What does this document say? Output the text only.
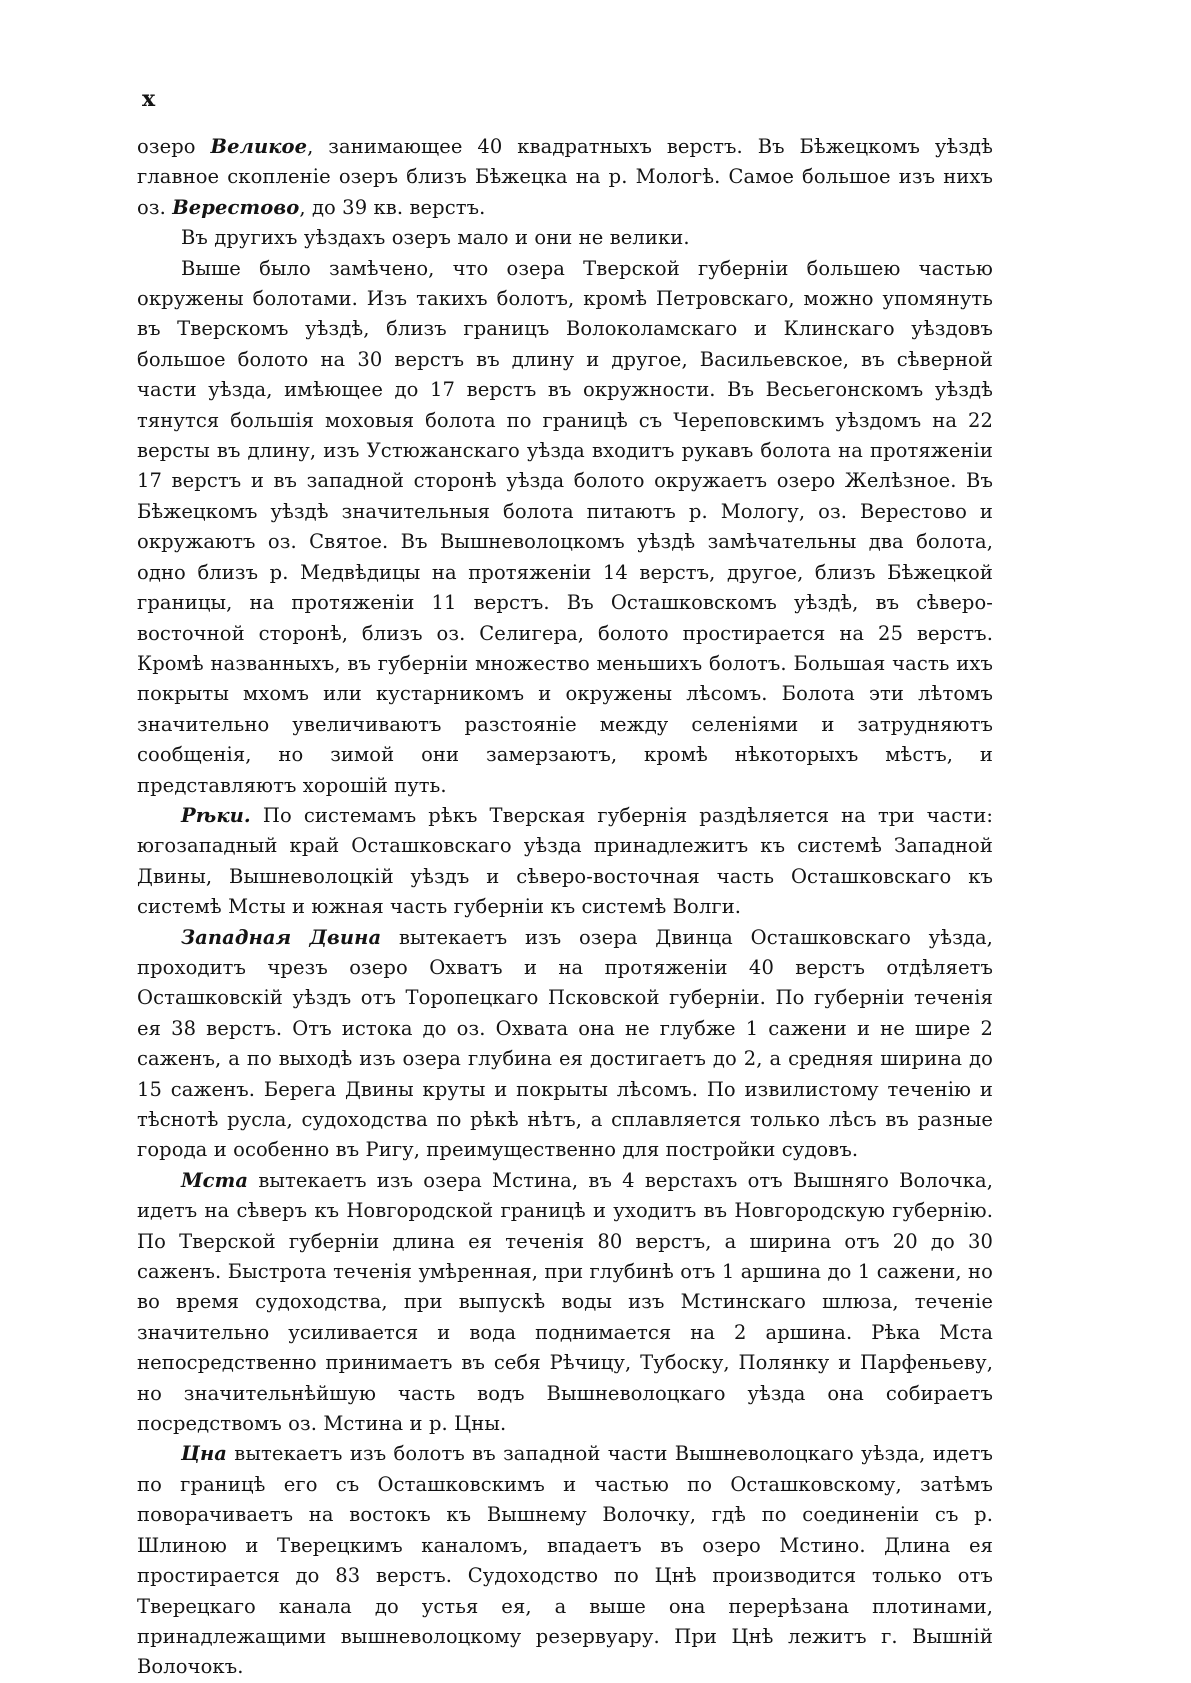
x

озеро Великое, занимающее 40 квадратныхъ верстъ. Въ Бѣжецкомъ уѣздѣ главное скопленіе озеръ близъ Бѣжецка на р. Мологѣ. Самое большое изъ нихъ оз. Верестово, до 39 кв. верстъ.

Въ другихъ уѣздахъ озеръ мало и они не велики.

Выше было замѣчено, что озера Тверской губерніи большею частью окружены болотами. Изъ такихъ болотъ, кромѣ Петровскаго, можно упомянуть въ Тверскомъ уѣздѣ, близъ границъ Волоколамскаго и Клинскаго уѣздовъ большое болото на 30 верстъ въ длину и другое, Васильевское, въ сѣверной части уѣзда, имѣющее до 17 верстъ въ окружности. Въ Весьегонскомъ уѣздѣ тянутся большія моховыя болота по границѣ съ Череповскимъ уѣздомъ на 22 версты въ длину, изъ Устюжанскаго уѣзда входитъ рукавъ болота на протяженіи 17 верстъ и въ западной сторонѣ уѣзда болото окружаетъ озеро Желѣзное. Въ Бѣжецкомъ уѣздѣ значительныя болота питаютъ р. Мологу, оз. Верестово и окружаютъ оз. Святое. Въ Вышневолоцкомъ уѣздѣ замѣчательны два болота, одно близъ р. Медвѣдицы на протяженіи 14 верстъ, другое, близъ Бѣжецкой границы, на протяженіи 11 верстъ. Въ Осташковскомъ уѣздѣ, въ сѣверо-восточной сторонѣ, близъ оз. Селигера, болото простирается на 25 верстъ. Кромѣ названныхъ, въ губерніи множество меньшихъ болотъ. Большая часть ихъ покрыты мхомъ или кустарникомъ и окружены лѣсомъ. Болота эти лѣтомъ значительно увеличиваютъ разстояніе между селеніями и затрудняютъ сообщенія, но зимой они замерзаютъ, кромѣ нѣкоторыхъ мѣстъ, и представляютъ хорошій путь.

Рѣки. По системамъ рѣкъ Тверская губернія раздѣляется на три части: югозападный край Осташковскаго уѣзда принадлежитъ къ системѣ Западной Двины, Вышневолоцкій уѣздъ и сѣверо-восточная часть Осташковскаго къ системѣ Мсты и южная часть губерніи къ системѣ Волги.

Западная Двина вытекаетъ изъ озера Двинца Осташковскаго уѣзда, проходитъ чрезъ озеро Охватъ и на протяженіи 40 верстъ отдѣляетъ Осташковскій уѣздъ отъ Торопецкаго Псковской губерніи. По губерніи теченія ея 38 верстъ. Отъ истока до оз. Охвата она не глубже 1 сажени и не шире 2 саженъ, а по выходѣ изъ озера глубина ея достигаетъ до 2, а средняя ширина до 15 саженъ. Берега Двины круты и покрыты лѣсомъ. По извилистому теченію и тѣснотѣ русла, судоходства по рѣкѣ нѣтъ, а сплавляется только лѣсъ въ разные города и особенно въ Ригу, преимущественно для постройки судовъ.

Мста вытекаетъ изъ озера Мстина, въ 4 верстахъ отъ Вышняго Волочка, идетъ на сѣверъ къ Новгородской границѣ и уходитъ въ Новгородскую губернію. По Тверской губерніи длина ея теченія 80 верстъ, а ширина отъ 20 до 30 саженъ. Быстрота теченія умѣренная, при глубинѣ отъ 1 аршина до 1 сажени, но во время судоходства, при выпускѣ воды изъ Мстинскаго шлюза, теченіе значительно усиливается и вода поднимается на 2 аршина. Рѣка Мста непосредственно принимаетъ въ себя Рѣчицу, Тубоску, Полянку и Парфеньеву, но значительнѣйшую часть водъ Вышневолоцкаго уѣзда она собираетъ посредствомъ оз. Мстина и р. Цны.

Цна вытекаетъ изъ болотъ въ западной части Вышневолоцкаго уѣзда, идетъ по границѣ его съ Осташковскимъ и частью по Осташковскому, затѣмъ поворачиваетъ на востокъ къ Вышнему Волочку, гдѣ по соединеніи съ р. Шлиною и Тверецкимъ каналомъ, впадаетъ въ озеро Мстино. Длина ея простирается до 83 верстъ. Судоходство по Цнѣ производится только отъ Тверецкаго канала до устья ея, а выше она перерѣзана плотинами, принадлежащими вышневолоцкому резервуару. При Цнѣ лежитъ г. Вышній Волочокъ.
